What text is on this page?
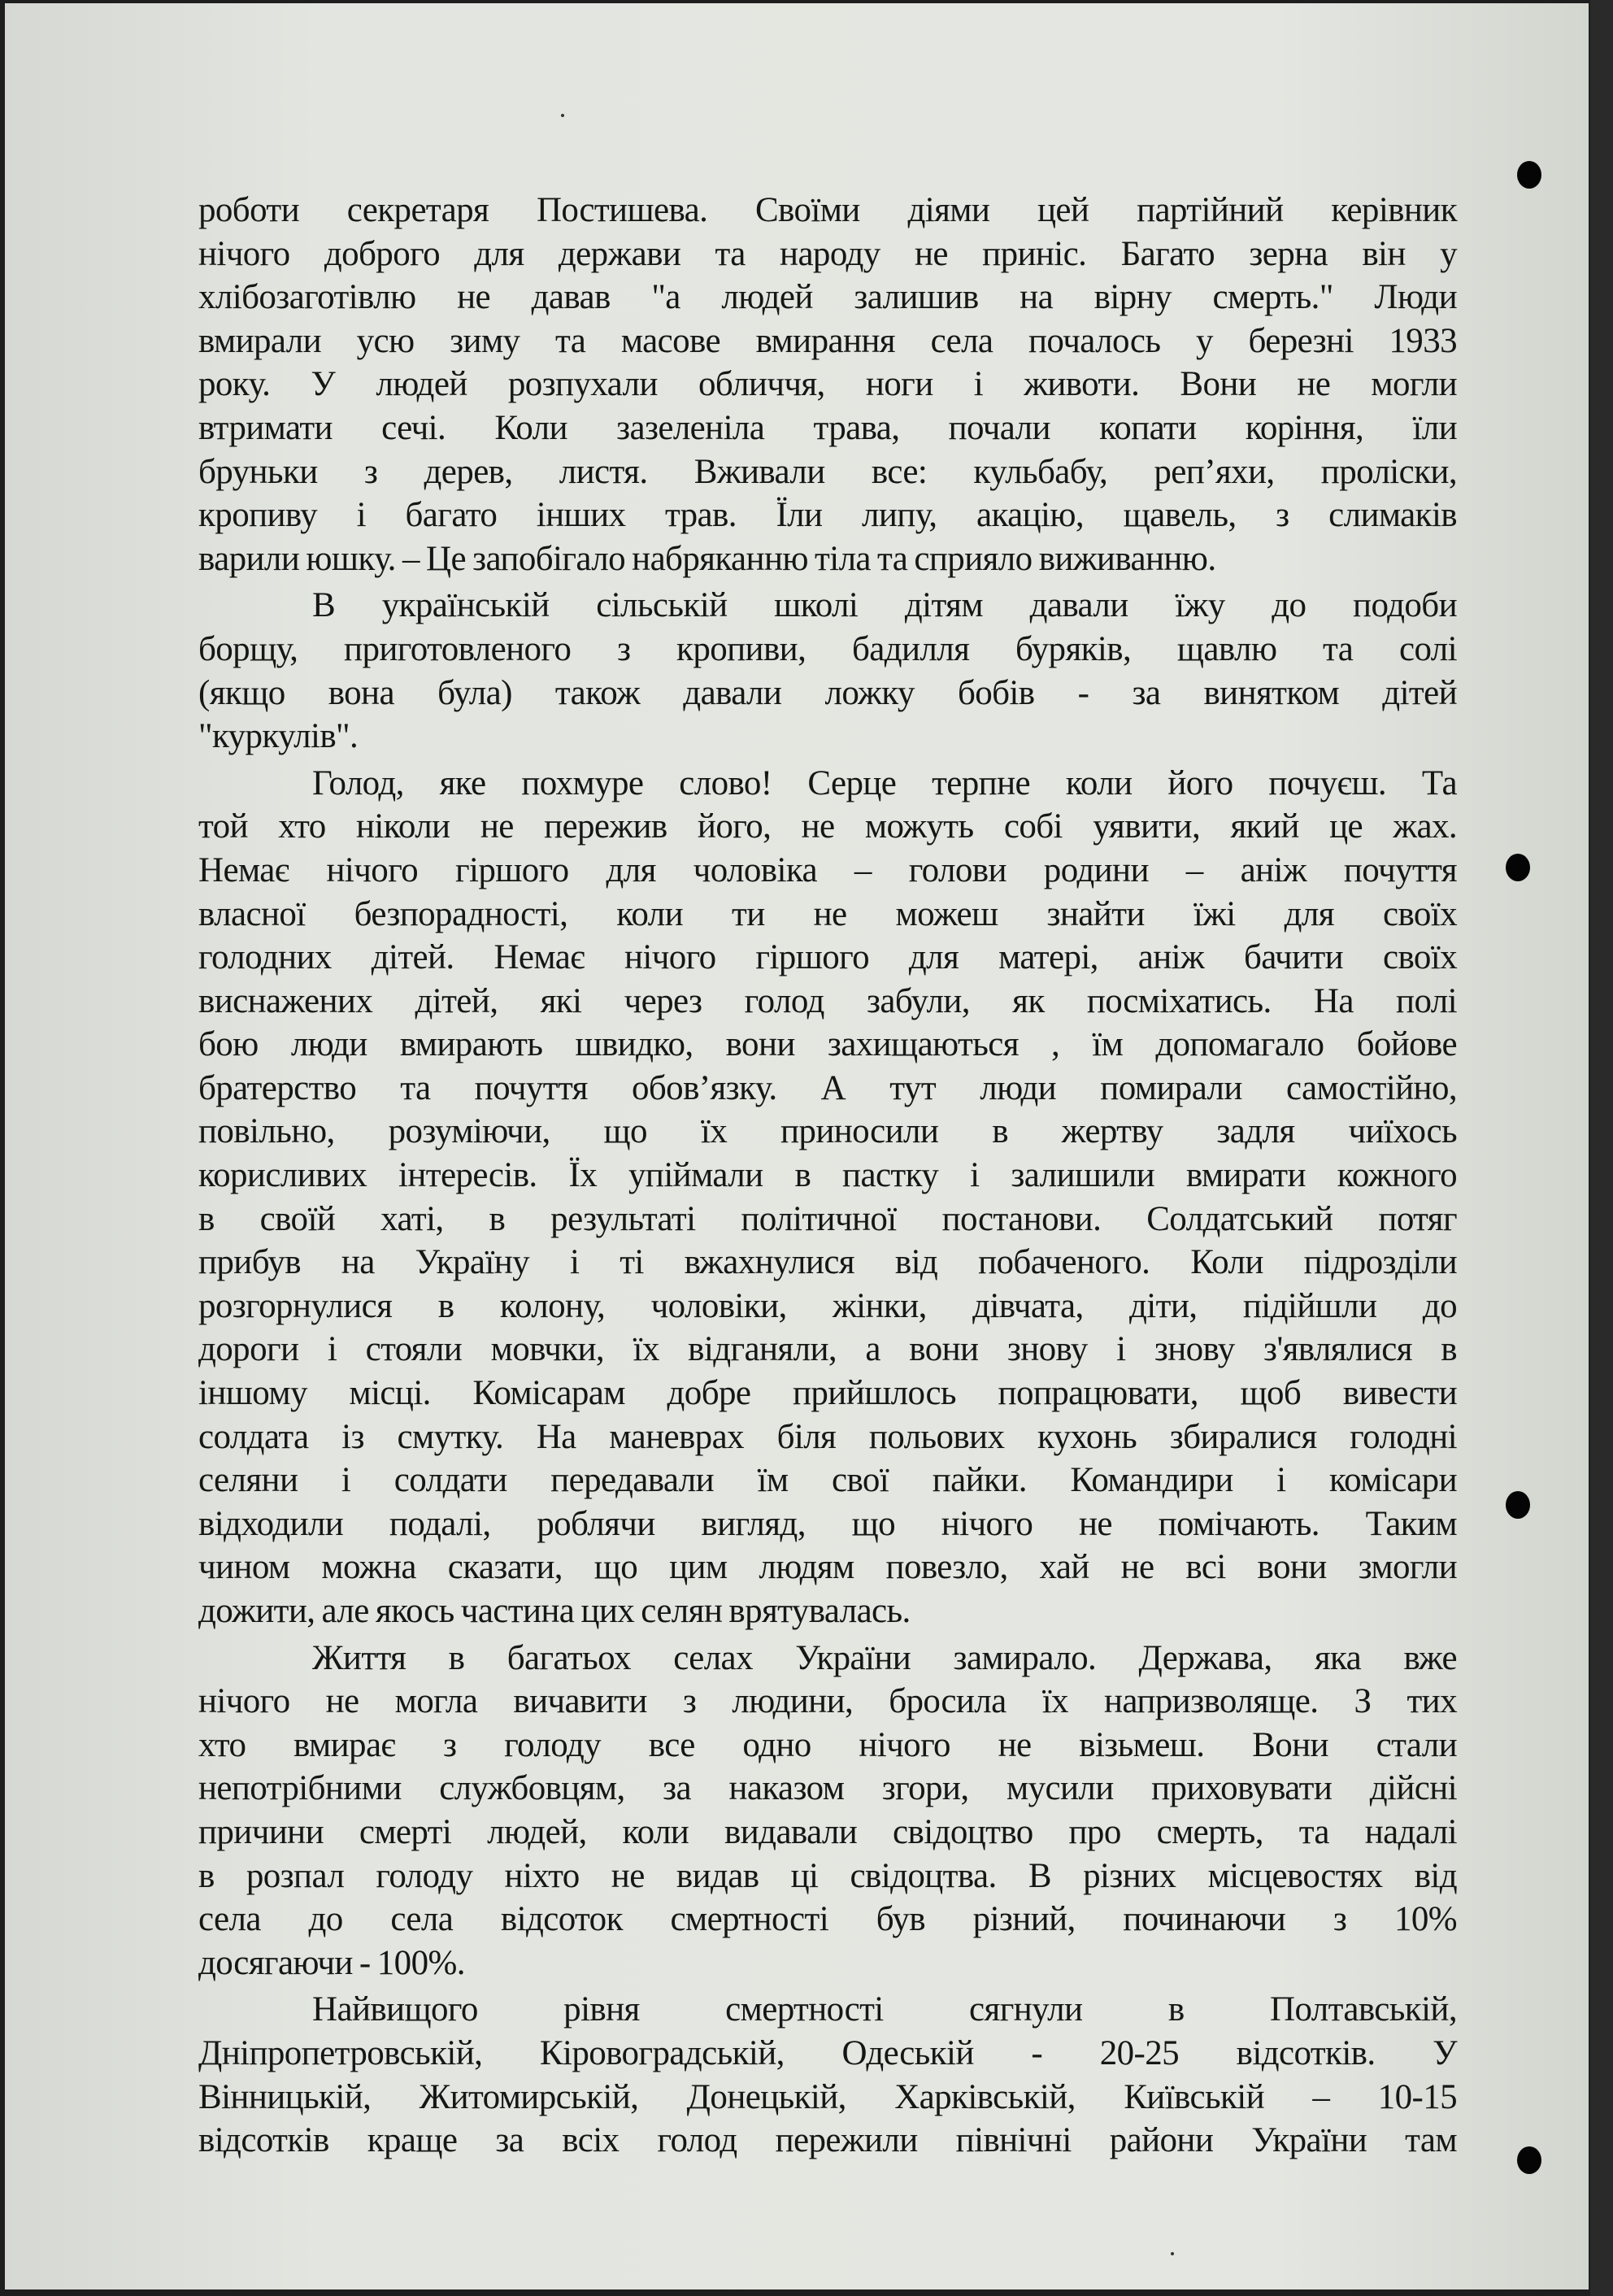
роботи секретаря Постишева. Своїми діями цей партійний керівник
нічого доброго для держави та народу не приніс. Багато зерна він у
хлібозаготівлю не давав "а людей залишив на вірну смерть." Люди
вмирали усю зиму та масове вмирання села почалось у березні 1933
року. У людей розпухали обличчя, ноги і животи. Вони не могли
втримати сечі. Коли зазеленіла трава, почали копати коріння, їли
бруньки з дерев, листя. Вживали все: кульбабу, реп’яхи, проліски,
кропиву і багато інших трав. Їли липу, акацію, щавель, з слимаків
варили юшку. – Це запобігало набряканню тіла та сприяло виживанню.
В українській сільській школі дітям давали їжу до подоби
борщу, приготовленого з кропиви, бадилля буряків, щавлю та солі
(якщо вона була) також давали ложку бобів - за винятком дітей
"куркулів".
Голод, яке похмуре слово! Серце терпне коли його почуєш. Та
той хто ніколи не пережив його, не можуть собі уявити, який це жах.
Немає нічого гіршого для чоловіка – голови родини – аніж почуття
власної безпорадності, коли ти не можеш знайти їжі для своїх
голодних дітей. Немає нічого гіршого для матері, аніж бачити своїх
виснажених дітей, які через голод забули, як посміхатись. На полі
бою люди вмирають швидко, вони захищаються , їм допомагало бойове
братерство та почуття обов’язку. А тут люди помирали самостійно,
повільно, розуміючи, що їх приносили в жертву задля чиїхось
корисливих інтересів. Їх упіймали в пастку і залишили вмирати кожного
в своїй хаті, в результаті політичної постанови. Солдатський потяг
прибув на Україну і ті вжахнулися від побаченого. Коли підрозділи
розгорнулися в колону, чоловіки, жінки, дівчата, діти, підійшли до
дороги і стояли мовчки, їх відганяли, а вони знову і знову з'являлися в
іншому місці. Комісарам добре прийшлось попрацювати, щоб вивести
солдата із смутку. На маневрах біля польових кухонь збиралися голодні
селяни і солдати передавали їм свої пайки. Командири і комісари
відходили подалі, роблячи вигляд, що нічого не помічають. Таким
чином можна сказати, що цим людям повезло, хай не всі вони змогли
дожити, але якось частина цих селян врятувалась.
Життя в багатьох селах України замирало. Держава, яка вже
нічого не могла вичавити з людини, бросила їх напризволяще. З тих
хто вмирає з голоду все одно нічого не візьмеш. Вони стали
непотрібними службовцям, за наказом згори, мусили приховувати дійсні
причини смерті людей, коли видавали свідоцтво про смерть, та надалі
в розпал голоду ніхто не видав ці свідоцтва. В різних місцевостях від
села до села відсоток смертності був різний, починаючи з 10%
досягаючи - 100%.
Найвищого рівня смертності сягнули в Полтавській,
Дніпропетровській, Кіровоградській, Одеській - 20-25 відсотків. У
Вінницькій, Житомирській, Донецькій, Харківській, Київській – 10-15
відсотків краще за всіх голод пережили північні райони України там
